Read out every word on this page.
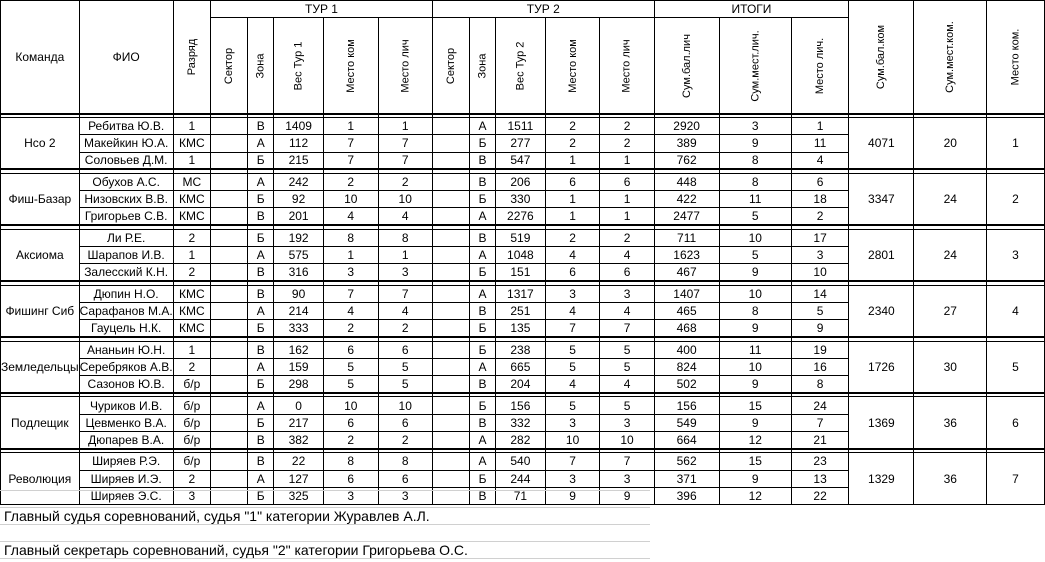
Команда	ФИО	Разряд	ТУР 1					ТУР 2					ИТОГИ			Сум.бал.ком	Сум.мест.ком.	Место ком.
			Сектор	Зона	Вес Тур 1	Место ком	Место лич	Сектор	Зона	Вес Тур 2	Место ком	Место лич	Сум.бал.лич	Сум.мест.лич.	Место лич.			

Нсо 2	Ребитва Ю.В.	1		В	1409	1	1		А	1511	2	2	2920	3	1	4071	20	1
	Макейкин Ю.А.	КМС		А	112	7	7		Б	277	2	2	389	9	11			
	Соловьев Д.М.	1		Б	215	7	7		В	547	1	1	762	8	4			

Фиш-Базар	Обухов А.С.	МС		А	242	2	2		В	206	6	6	448	8	6	3347	24	2
	Низовских В.В.	КМС		Б	92	10	10		Б	330	1	1	422	11	18			
	Григорьев С.В.	КМС		В	201	4	4		А	2276	1	1	2477	5	2			

Аксиома	Ли Р.Е.	2		Б	192	8	8		В	519	2	2	711	10	17	2801	24	3
	Шарапов И.В.	1		А	575	1	1		А	1048	4	4	1623	5	3			
	Залесский К.Н.	2		В	316	3	3		Б	151	6	6	467	9	10			

Фишинг Сиб	Дюпин Н.О.	КМС		В	90	7	7		А	1317	3	3	1407	10	14	2340	27	4
	Сарафанов М.А.	КМС		А	214	4	4		В	251	4	4	465	8	5			
	Гауцель Н.К.	КМС		Б	333	2	2		Б	135	7	7	468	9	9			

Земледельцы	Ананьин Ю.Н.	1		В	162	6	6		Б	238	5	5	400	11	19	1726	30	5
	Серебряков А.В.	2		А	159	5	5		А	665	5	5	824	10	16			
	Сазонов Ю.В.	б/р		Б	298	5	5		В	204	4	4	502	9	8			

Подлещик	Чуриков И.В.	б/р		А	0	10	10		Б	156	5	5	156	15	24	1369	36	6
	Цевменко В.А.	б/р		Б	217	6	6		В	332	3	3	549	9	7			
	Дюпарев В.А.	б/р		В	382	2	2		А	282	10	10	664	12	21			

Революция	Ширяев Р.Э.	б/р		В	22	8	8		А	540	7	7	562	15	23	1329	36	7
	Ширяев И.Э.	2		А	127	6	6		Б	244	3	3	371	9	13			
	Ширяев Э.С.	3		Б	325	3	3		В	71	9	9	396	12	22			
Главный судья соревнований, судья "1" категории Журавлев А.Л.
Главный секретарь соревнований, судья "2" категории Григорьева О.С.
